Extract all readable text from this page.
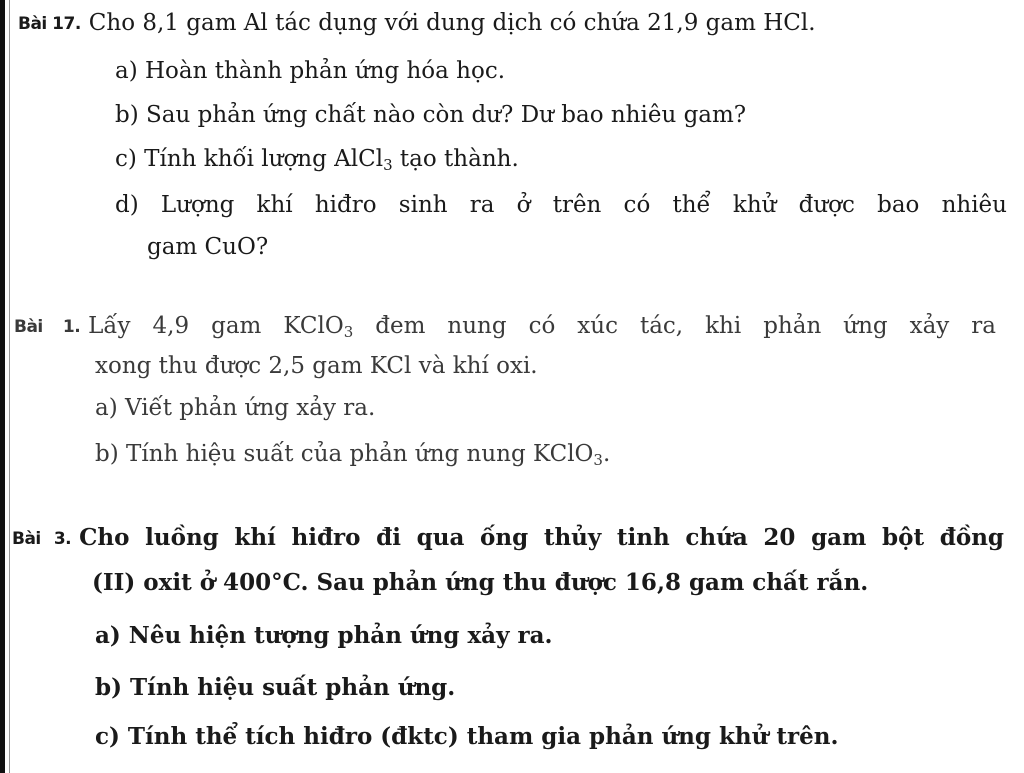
Bài 17. Cho 8,1 gam Al tác dụng với dung dịch có chứa 21,9 gam HCl.
a) Hoàn thành phản ứng hóa học.
b) Sau phản ứng chất nào còn dư? Dư bao nhiêu gam?
c) Tính khối lượng AlCl$_3$ tạo thành.
d) Lượng khí hiđro sinh ra ở trên có thể khử được bao nhiêu
gam CuO?
Bài 1. Lấy 4,9 gam KClO$_3$ đem nung có xúc tác, khi phản ứng xảy ra
xong thu được 2,5 gam KCl và khí oxi.
a) Viết phản ứng xảy ra.
b) Tính hiệu suất của phản ứng nung KClO$_3$.
Bài 3. Cho luồng khí hiđro đi qua ống thủy tinh chứa 20 gam bột đồng
(II) oxit ở 400°C. Sau phản ứng thu được 16,8 gam chất rắn.
a) Nêu hiện tượng phản ứng xảy ra.
b) Tính hiệu suất phản ứng.
c) Tính thể tích hiđro (đktc) tham gia phản ứng khử trên.
